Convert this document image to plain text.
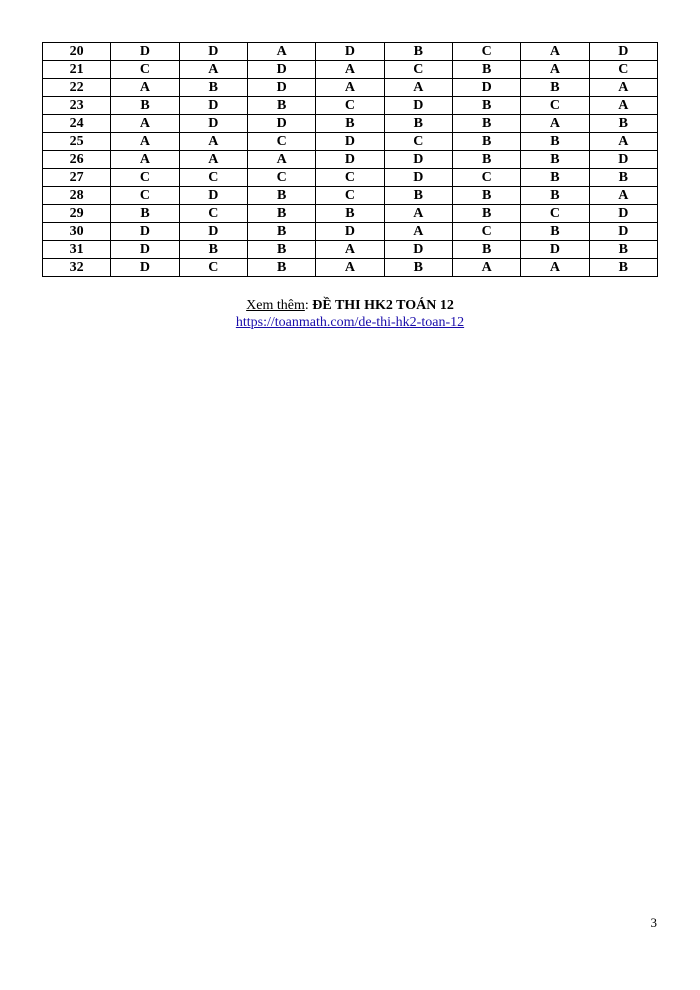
20	D	D	A	D	B	C	A	D
21	C	A	D	A	C	B	A	C
22	A	B	D	A	A	D	B	A
23	B	D	B	C	D	B	C	A
24	A	D	D	B	B	B	A	B
25	A	A	C	D	C	B	B	A
26	A	A	A	D	D	B	B	D
27	C	C	C	C	D	C	B	B
28	C	D	B	C	B	B	B	A
29	B	C	B	B	A	B	C	D
30	D	D	B	D	A	C	B	D
31	D	B	B	A	D	B	D	B
32	D	C	B	A	B	A	A	B
Xem thêm: ĐỀ THI HK2 TOÁN 12
https://toanmath.com/de-thi-hk2-toan-12
3
